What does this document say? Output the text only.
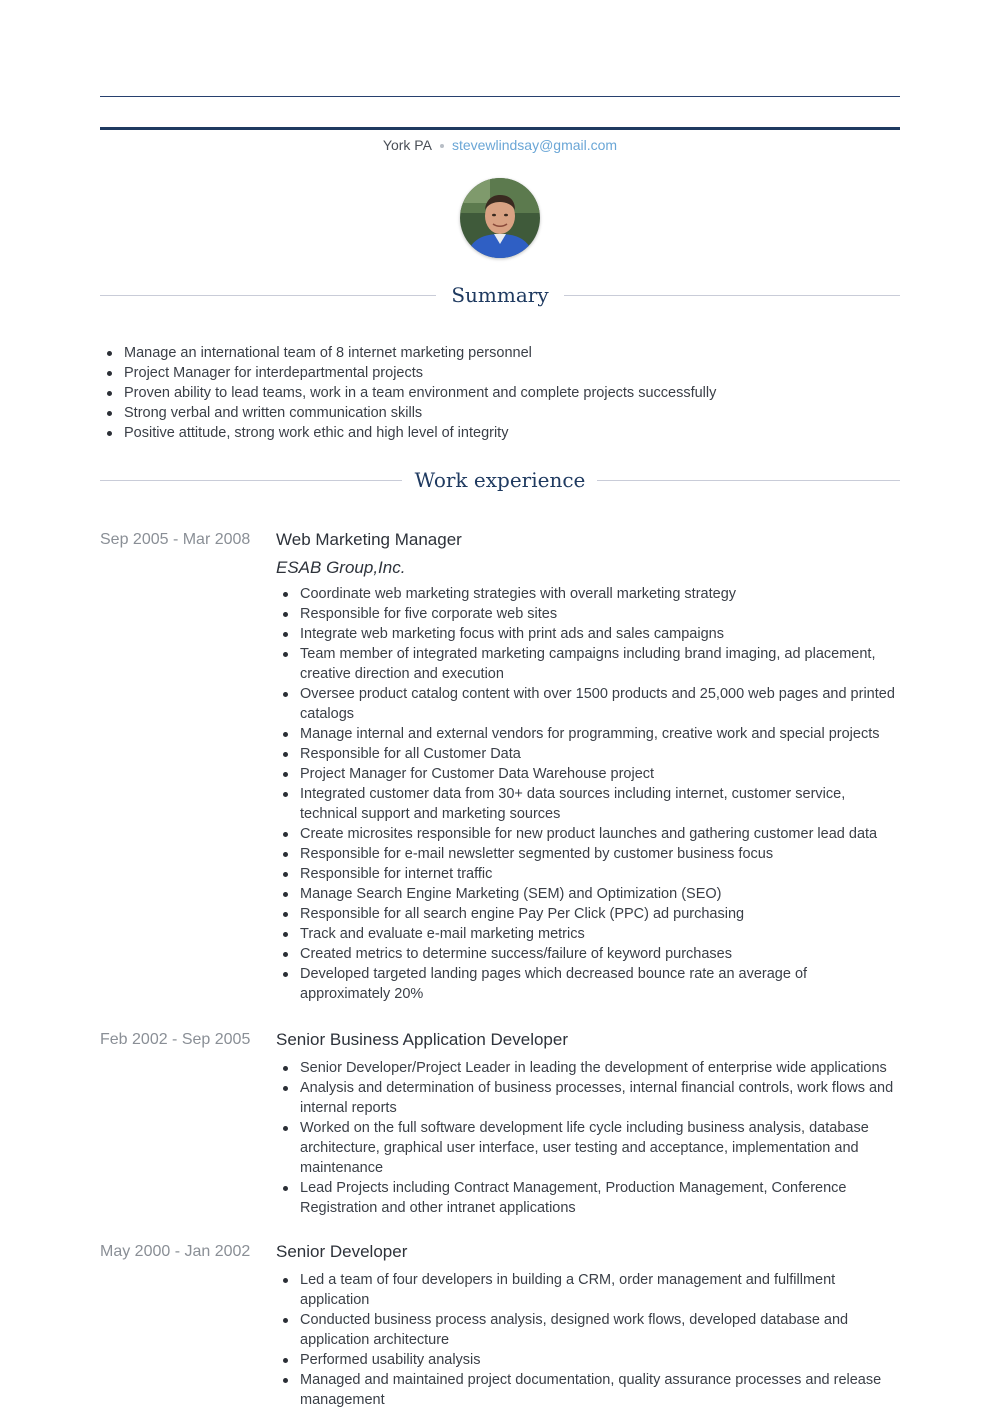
York PA stevewlindsay@gmail.com
Summary
Manage an international team of 8 internet marketing personnel
Project Manager for interdepartmental projects
Proven ability to lead teams, work in a team environment and complete projects successfully
Strong verbal and written communication skills
Positive attitude, strong work ethic and high level of integrity
Work experience
Sep 2005 - Mar 2008 Web Marketing Manager
ESAB Group,Inc.
Coordinate web marketing strategies with overall marketing strategy
Responsible for five corporate web sites
Integrate web marketing focus with print ads and sales campaigns
Team member of integrated marketing campaigns including brand imaging, ad placement, creative direction and execution
Oversee product catalog content with over 1500 products and 25,000 web pages and printed catalogs
Manage internal and external vendors for programming, creative work and special projects
Responsible for all Customer Data
Project Manager for Customer Data Warehouse project
Integrated customer data from 30+ data sources including internet, customer service, technical support and marketing sources
Create microsites responsible for new product launches and gathering customer lead data
Responsible for e-mail newsletter segmented by customer business focus
Responsible for internet traffic
Manage Search Engine Marketing (SEM) and Optimization (SEO)
Responsible for all search engine Pay Per Click (PPC) ad purchasing
Track and evaluate e-mail marketing metrics
Created metrics to determine success/failure of keyword purchases
Developed targeted landing pages which decreased bounce rate an average of approximately 20%
Feb 2002 - Sep 2005 Senior Business Application Developer
Senior Developer/Project Leader in leading the development of enterprise wide applications
Analysis and determination of business processes, internal financial controls, work flows and internal reports
Worked on the full software development life cycle including business analysis, database architecture, graphical user interface, user testing and acceptance, implementation and maintenance
Lead Projects including Contract Management, Production Management, Conference Registration and other intranet applications
May 2000 - Jan 2002 Senior Developer
Led a team of four developers in building a CRM, order management and fulfillment application
Conducted business process analysis, designed work flows, developed database and application architecture
Performed usability analysis
Managed and maintained project documentation, quality assurance processes and release management
